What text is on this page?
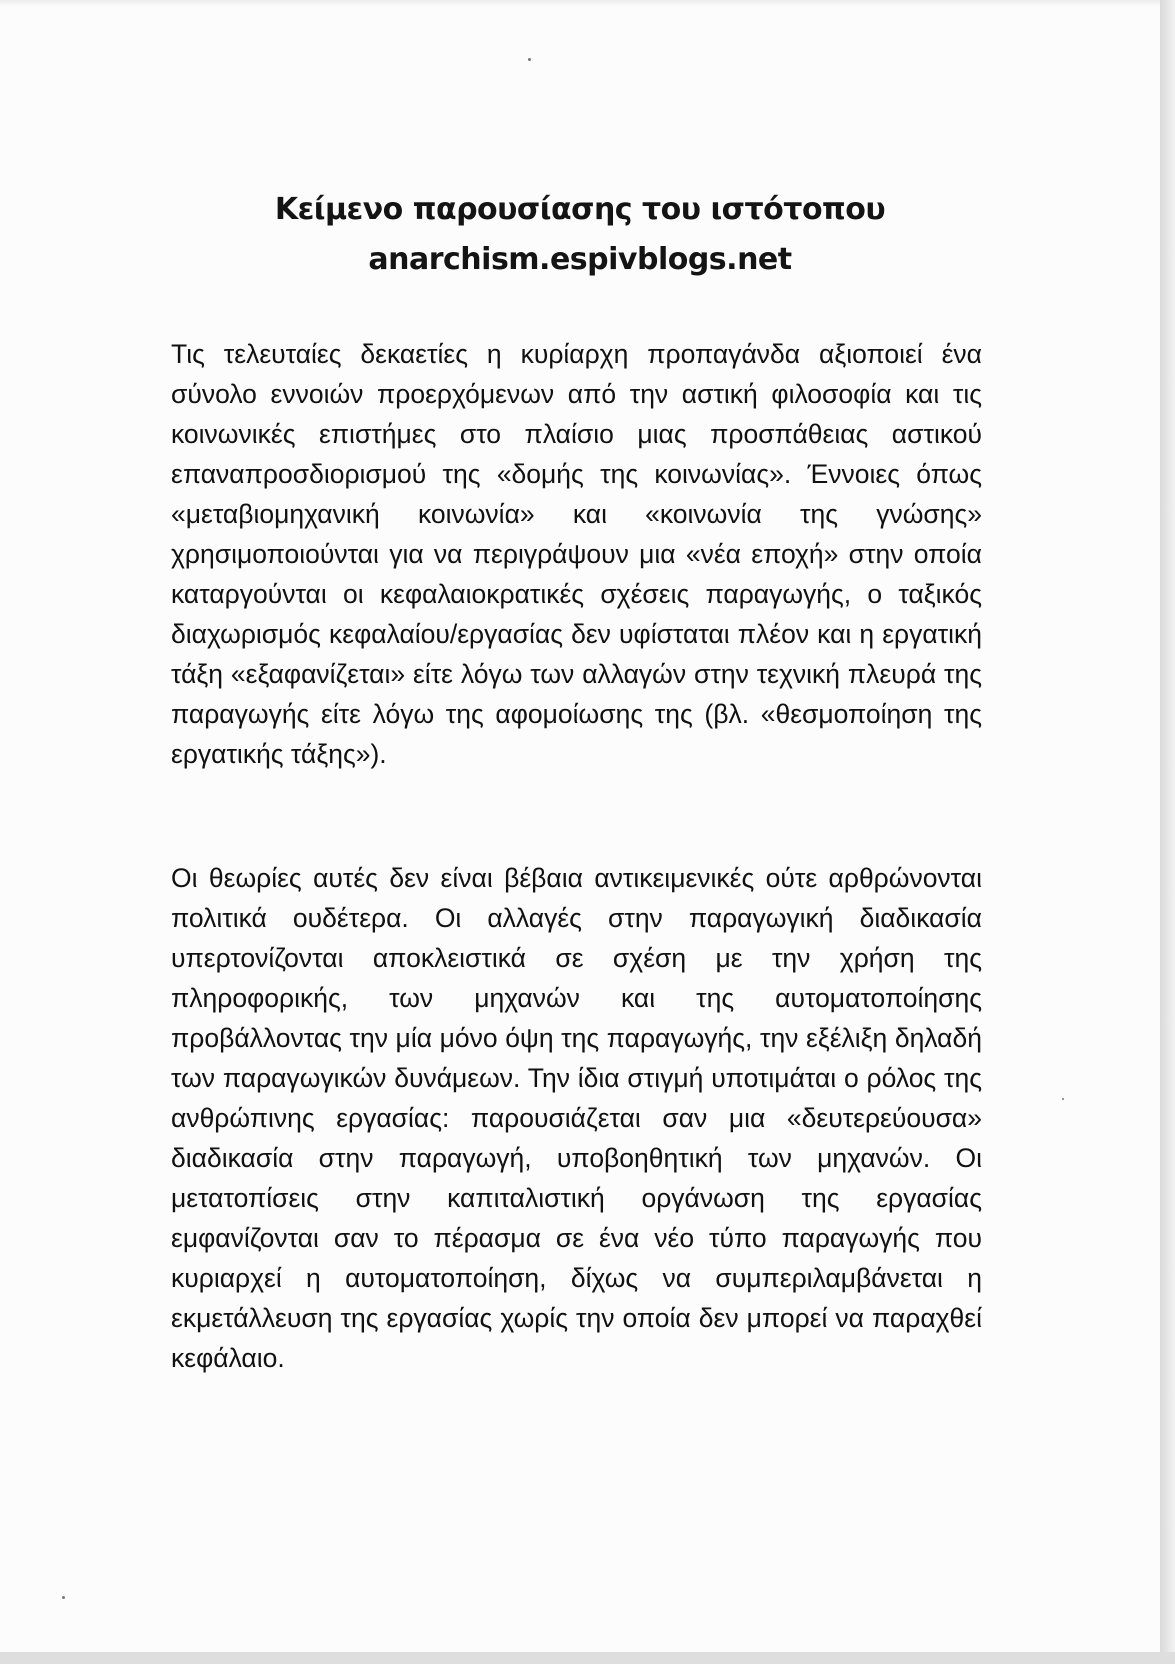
Κείμενο παρουσίασης του ιστότοπου
anarchism.espivblogs.net

Τις τελευταίες δεκαετίες η κυρίαρχη προπαγάνδα αξιοποιεί ένα σύνολο εννοιών προερχόμενων από την αστική φιλοσοφία και τις κοινωνικές επιστήμες στο πλαίσιο μιας προσπάθειας αστικού επαναπροσδιορισμού της «δομής της κοινωνίας». Έννοιες όπως «μεταβιομηχανική κοινωνία» και «κοινωνία της γνώσης» χρησιμοποιούνται για να περιγράψουν μια «νέα εποχή» στην οποία καταργούνται οι κεφαλαιοκρατικές σχέσεις παραγωγής, ο ταξικός διαχωρισμός κεφαλαίου/εργασίας δεν υφίσταται πλέον και η εργατική τάξη «εξαφανίζεται» είτε λόγω των αλλαγών στην τεχνική πλευρά της παραγωγής είτε λόγω της αφομοίωσης της (βλ. «θεσμοποίηση της εργατικής τάξης»).

Οι θεωρίες αυτές δεν είναι βέβαια αντικειμενικές ούτε αρθρώνονται πολιτικά ουδέτερα. Οι αλλαγές στην παραγωγική διαδικασία υπερτονίζονται αποκλειστικά σε σχέση με την χρήση της πληροφορικής, των μηχανών και της αυτοματοποίησης προβάλλοντας την μία μόνο όψη της παραγωγής, την εξέλιξη δηλαδή των παραγωγικών δυνάμεων. Την ίδια στιγμή υποτιμάται ο ρόλος της ανθρώπινης εργασίας: παρουσιάζεται σαν μια «δευτερεύουσα» διαδικασία στην παραγωγή, υποβοηθητική των μηχανών. Οι μετατοπίσεις στην καπιταλιστική οργάνωση της εργασίας εμφανίζονται σαν το πέρασμα σε ένα νέο τύπο παραγωγής που κυριαρχεί η αυτοματοποίηση, δίχως να συμπεριλαμβάνεται η εκμετάλλευση της εργασίας χωρίς την οποία δεν μπορεί να παραχθεί κεφάλαιο.
